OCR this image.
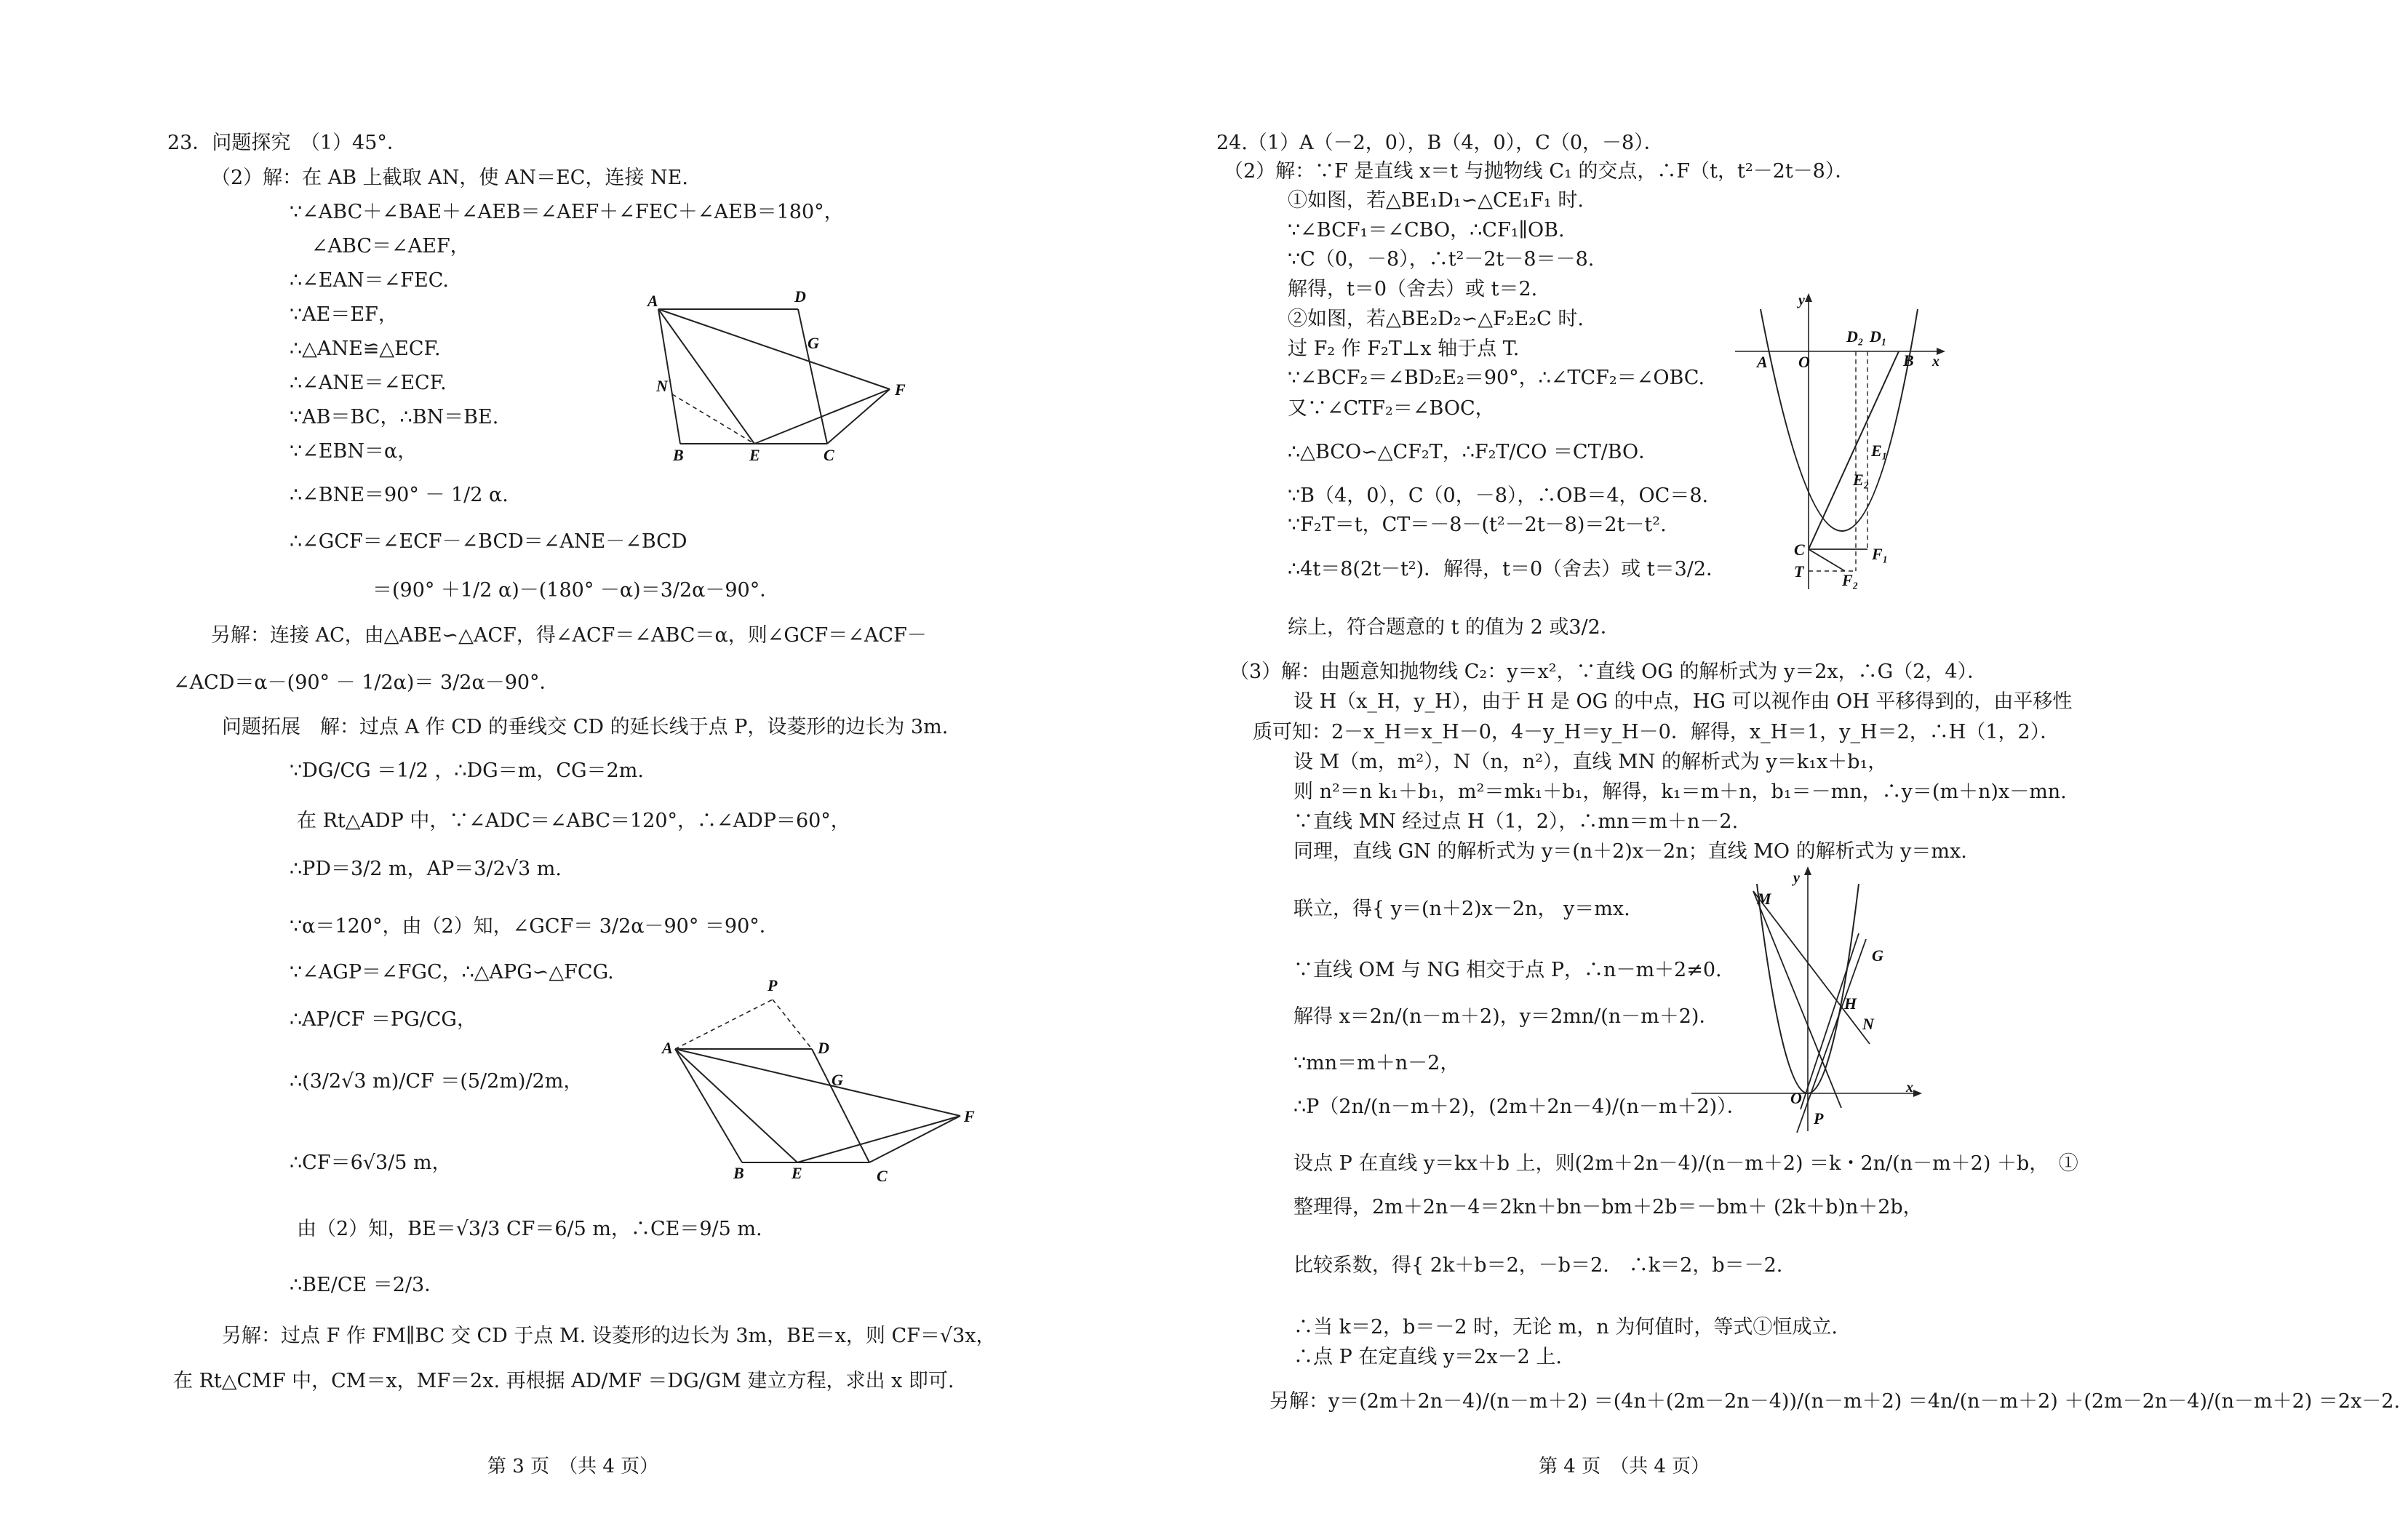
23．问题探究　（1）45°．
（2）解：在 AB 上截取 AN，使 AN＝EC，连接 NE.
∵∠ABC＋∠BAE＋∠AEB＝∠AEF＋∠FEC＋∠AEB＝180°，
∠ABC＝∠AEF，
∴∠EAN＝∠FEC.
∵AE＝EF，
∴△ANE≌△ECF.
∴∠ANE＝∠ECF.
∵AB＝BC，∴BN＝BE.
∵∠EBN＝α，
∴∠BNE＝90° － 1/2 α.
∴∠GCF＝∠ECF－∠BCD＝∠ANE－∠BCD
＝(90° ＋1/2 α)－(180° －α)＝3/2α－90°．
另解：连接 AC，由△ABE∽△ACF，得∠ACF＝∠ABC＝α，则∠GCF＝∠ACF－
∠ACD＝α－(90° － 1/2α)＝ 3/2α－90°．
问题拓展　解：过点 A 作 CD 的垂线交 CD 的延长线于点 P，设菱形的边长为 3m.
∵DG/CG ＝1/2 ，∴DG＝m，CG＝2m.
在 Rt△ADP 中，∵∠ADC＝∠ABC＝120°，∴∠ADP＝60°，
∴PD＝3/2 m，AP＝3/2√3 m.
∵α＝120°，由（2）知，∠GCF＝ 3/2α－90° ＝90°．
∵∠AGP＝∠FGC，∴△APG∽△FCG.
∴AP/CF ＝PG/CG，
∴(3/2√3 m)/CF ＝(5/2m)/2m，
∴CF＝6√3/5 m，
由（2）知，BE＝√3/3 CF＝6/5 m，∴CE＝9/5 m.
∴BE/CE ＝2/3．
另解：过点 F 作 FM∥BC 交 CD 于点 M. 设菱形的边长为 3m，BE＝x，则 CF＝√3x，
在 Rt△CMF 中，CM＝x，MF＝2x. 再根据 AD/MF ＝DG/GM 建立方程，求出 x 即可.
A	D
G
N	F
B	E	C
P
A	D
G
F
B	E	C
第 3 页　（共 4 页）
24.（1）A（－2，0），B（4，0），C（0，－8）．
（2）解：∵F 是直线 x＝t 与抛物线 C₁ 的交点，∴F（t，t²－2t－8）．
①如图，若△BE₁D₁∽△CE₁F₁ 时.
∵∠BCF₁＝∠CBO，∴CF₁∥OB.
∵C（0，－8），∴t²－2t－8＝－8.
解得，t＝0（舍去）或 t＝2.
②如图，若△BE₂D₂∽△F₂E₂C 时.
过 F₂ 作 F₂T⊥x 轴于点 T.
∵∠BCF₂＝∠BD₂E₂＝90°，∴∠TCF₂＝∠OBC.
又∵∠CTF₂＝∠BOC，
∴△BCO∽△CF₂T，∴F₂T/CO ＝CT/BO．
∵B（4，0），C（0，－8），∴OB＝4，OC＝8.
∵F₂T＝t，CT＝－8－(t²－2t－8)＝2t－t².
∴4t＝8(2t－t²)．解得，t＝0（舍去）或 t＝3/2．
综上，符合题意的 t 的值为 2 或3/2．
（3）解：由题意知抛物线 C₂：y＝x²，∵直线 OG 的解析式为 y＝2x，∴G（2，4）．
设 H（x_H，y_H），由于 H 是 OG 的中点，HG 可以视作由 OH 平移得到的，由平移性
质可知：2－x_H＝x_H－0，4－y_H＝y_H－0．解得，x_H＝1，y_H＝2，∴H（1，2）．
设 M（m，m²），N（n，n²），直线 MN 的解析式为 y＝k₁x＋b₁，
则 n²＝n k₁＋b₁，m²＝mk₁＋b₁，解得，k₁＝m＋n，b₁＝－mn，∴y＝(m＋n)x－mn.
∵直线 MN 经过点 H（1，2），∴mn＝m＋n－2.
同理，直线 GN 的解析式为 y＝(n＋2)x－2n；直线 MO 的解析式为 y＝mx.
联立，得{ y＝(n＋2)x－2n， y＝mx.
∵直线 OM 与 NG 相交于点 P，∴n－m＋2≠0.
解得 x＝2n/(n－m＋2)，y＝2mn/(n－m＋2)．
∵mn＝m＋n－2，
∴P（2n/(n－m＋2)，(2m＋2n－4)/(n－m＋2)）．
设点 P 在直线 y＝kx＋b 上，则(2m＋2n－4)/(n－m＋2) ＝k・2n/(n－m＋2) ＋b，　①
整理得，2m＋2n－4＝2kn＋bn－bm＋2b＝－bm＋ (2k＋b)n＋2b，
比较系数，得{ 2k＋b＝2，－b＝2.　∴k＝2，b＝－2.
∴当 k＝2，b＝－2 时，无论 m，n 为何值时，等式①恒成立.
∴点 P 在定直线 y＝2x－2 上.
另解：y＝(2m＋2n－4)/(n－m＋2) ＝(4n＋(2m－2n－4))/(n－m＋2) ＝4n/(n－m＋2) ＋(2m－2n－4)/(n－m＋2) ＝2x－2.
y
A O
D₂ D₁
B x
E₁
E₂
C
T
F₁
F₂
y
M
G
H
N
O
P
x
第 4 页　（共 4 页）
